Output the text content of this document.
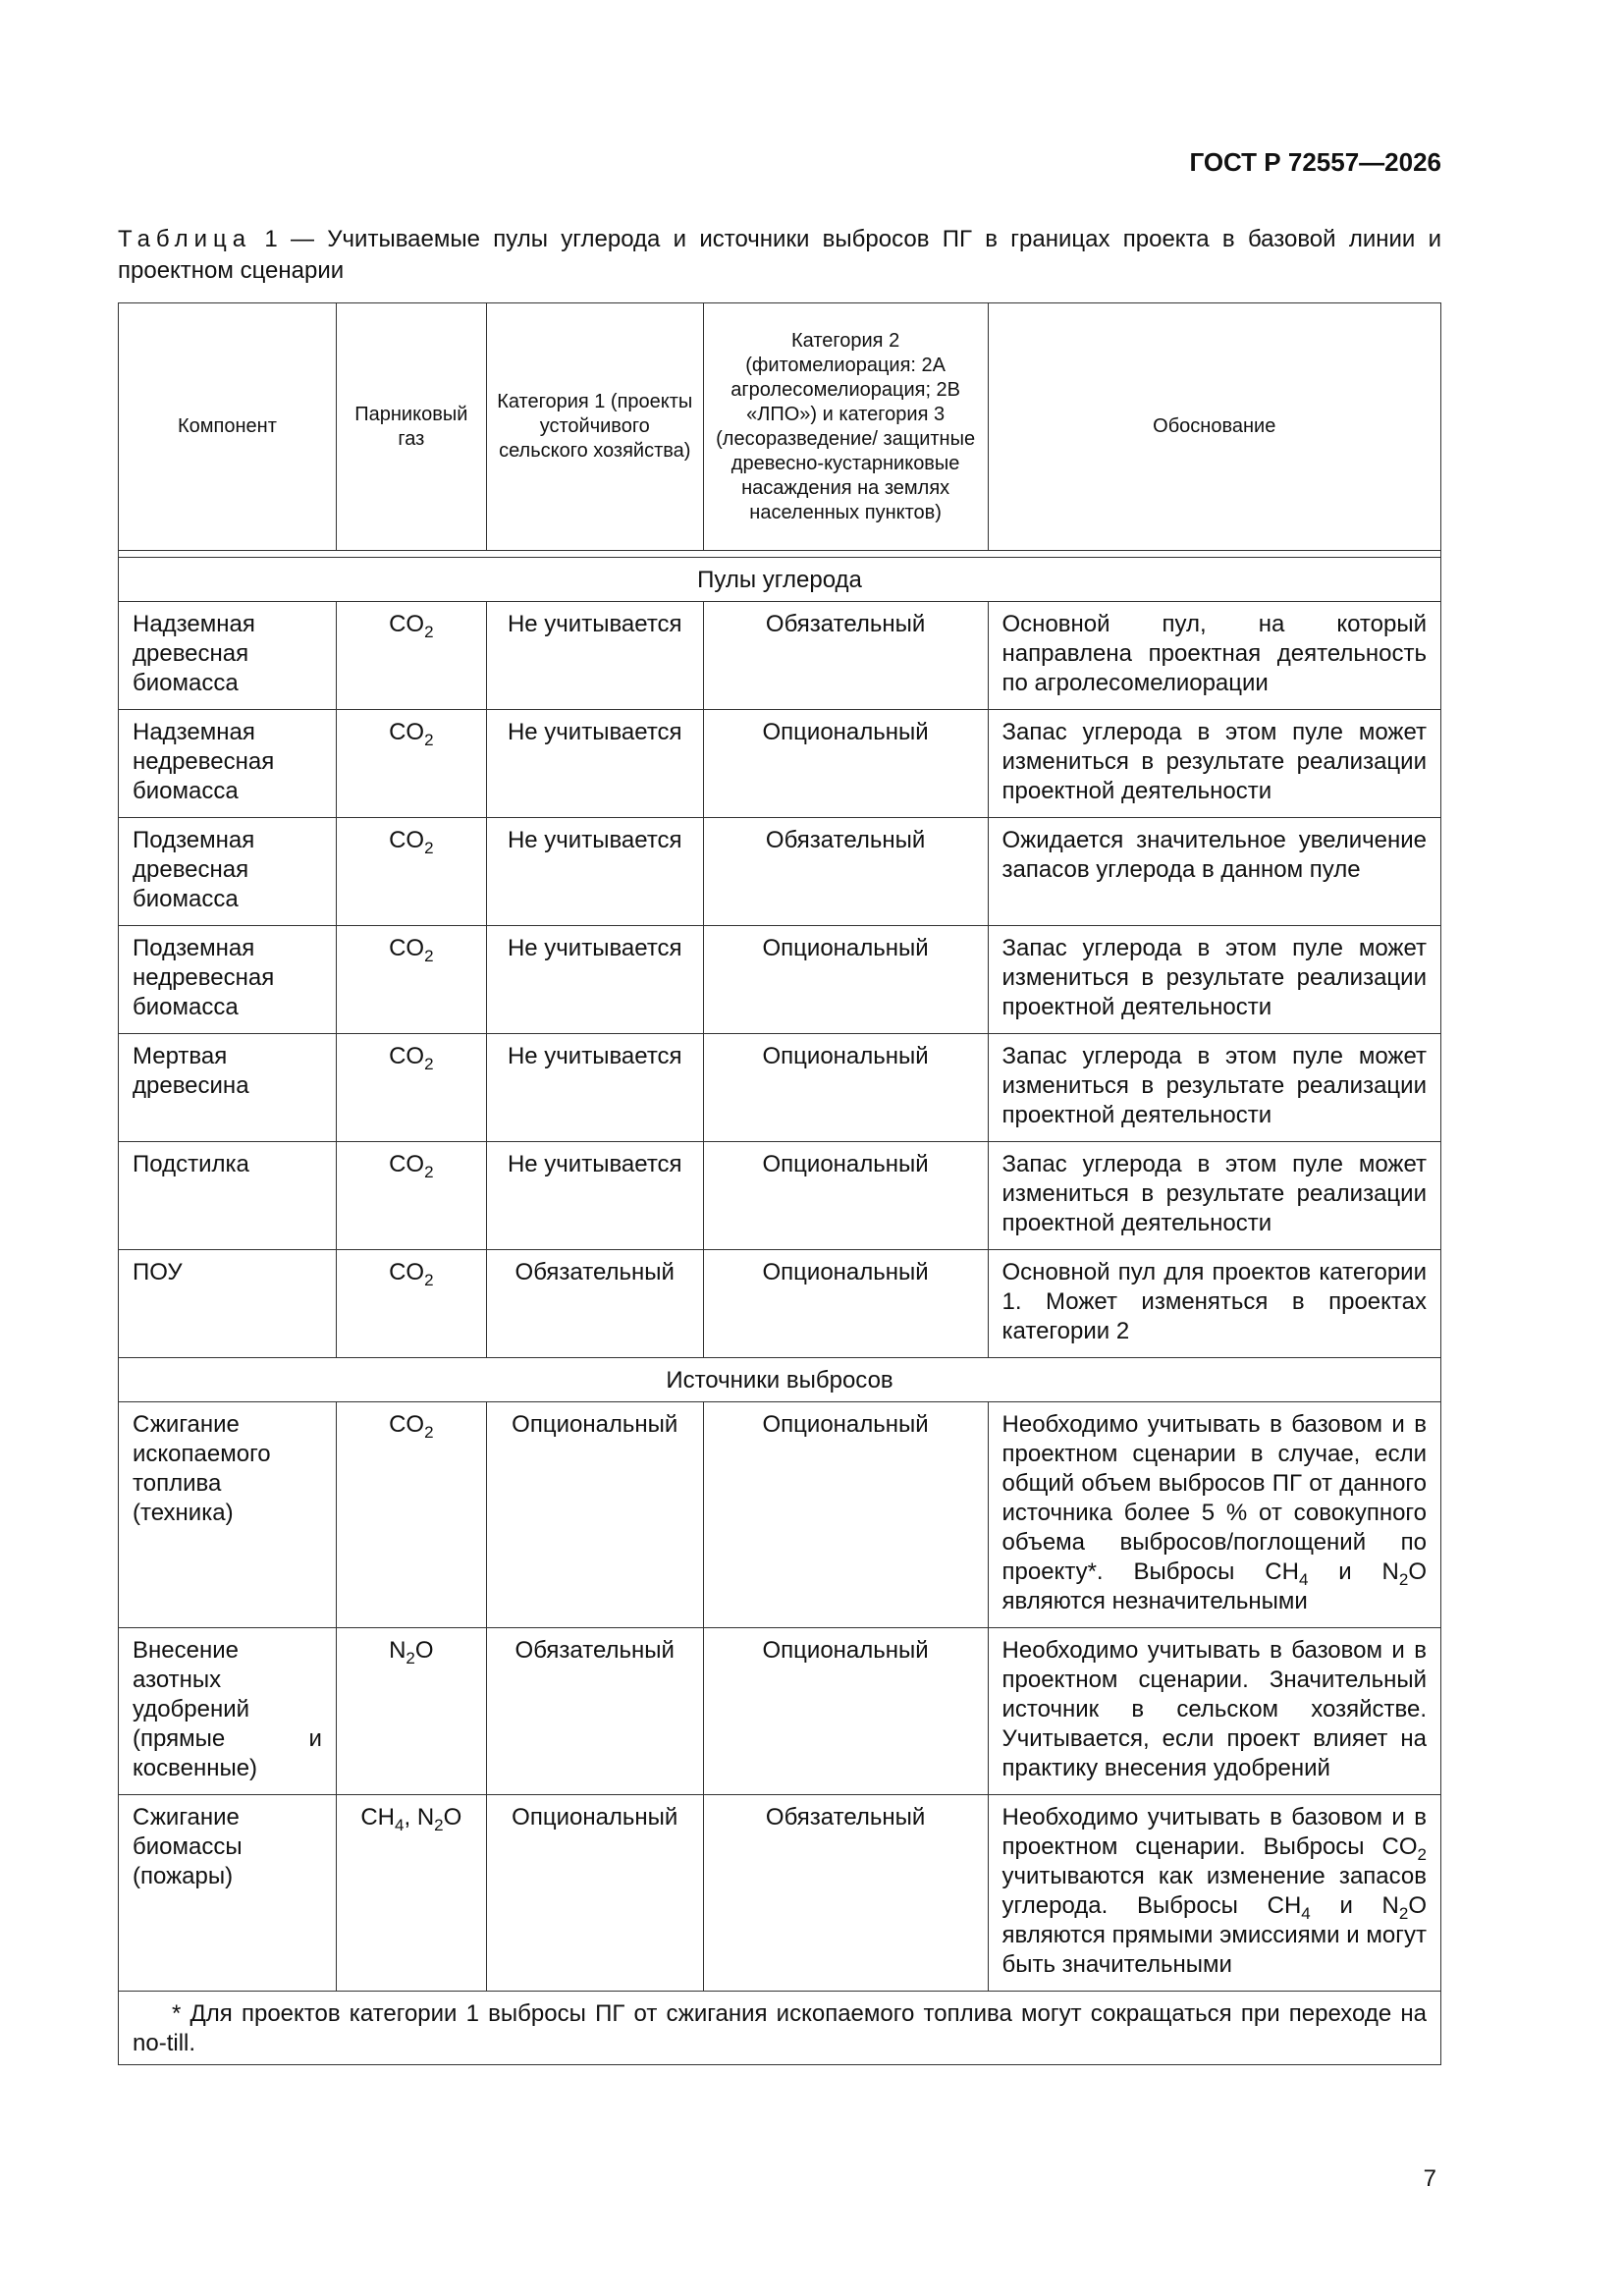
ГОСТ Р 72557—2026
Таблица 1 — Учитываемые пулы углерода и источники выбросов ПГ в границах проекта в базовой линии и проектном сценарии
Компонент	Парниковый газ	Категория 1 (проекты устойчивого сельского хозяйства)	Категория 2 (фитомелиорация: 2А агролесомелиорация; 2В «ЛПО») и категория 3 (лесоразведение/ защитные древесно-кустарниковые насаждения на землях населенных пунктов)	Обоснование

Пулы углерода				
Надземная древесная биомасса	$CO_2$	Не учитывается	Обязательный	Основной пул, на который направлена проектная деятельность по агролесомелиорации
Надземная недревесная биомасса	$CO_2$	Не учитывается	Опциональный	Запас углерода в этом пуле может измениться в результате реализации проектной деятельности
Подземная древесная биомасса	$CO_2$	Не учитывается	Обязательный	Ожидается значительное увеличение запасов углерода в данном пуле
Подземная недревесная биомасса	$CO_2$	Не учитывается	Опциональный	Запас углерода в этом пуле может измениться в результате реализации проектной деятельности
Мертвая древесина	$CO_2$	Не учитывается	Опциональный	Запас углерода в этом пуле может измениться в результате реализации проектной деятельности
Подстилка	$CO_2$	Не учитывается	Опциональный	Запас углерода в этом пуле может измениться в результате реализации проектной деятельности
ПОУ	$CO_2$	Обязательный	Опциональный	Основной пул для проектов категории 1. Может изменяться в проектах категории 2
Источники выбросов				
Сжигание ископаемого топлива (техника)	$CO_2$	Опциональный	Опциональный	Необходимо учитывать в базовом и в проектном сценарии в случае, если общий объем выбросов ПГ от данного источника более 5 % от совокупного объема выбросов/поглощений по проекту*. Выбросы $CH_4$ и $N_2O$ являются незначительными
Внесение азотных удобрений (прямые и косвенные)	$N_2O$	Обязательный	Опциональный	Необходимо учитывать в базовом и в проектном сценарии. Значительный источник в сельском хозяйстве. Учитывается, если проект влияет на практику внесения удобрений
Сжигание биомассы (пожары)	$CH_4$, $N_2O$	Опциональный	Обязательный	Необходимо учитывать в базовом и в проектном сценарии. Выбросы $CO_2$ учитываются как изменение запасов углерода. Выбросы $CH_4$ и $N_2O$ являются прямыми эмиссиями и могут быть значительными
* Для проектов категории 1 выбросы ПГ от сжигания ископаемого топлива могут сокращаться при переходе на no-till.				
7
